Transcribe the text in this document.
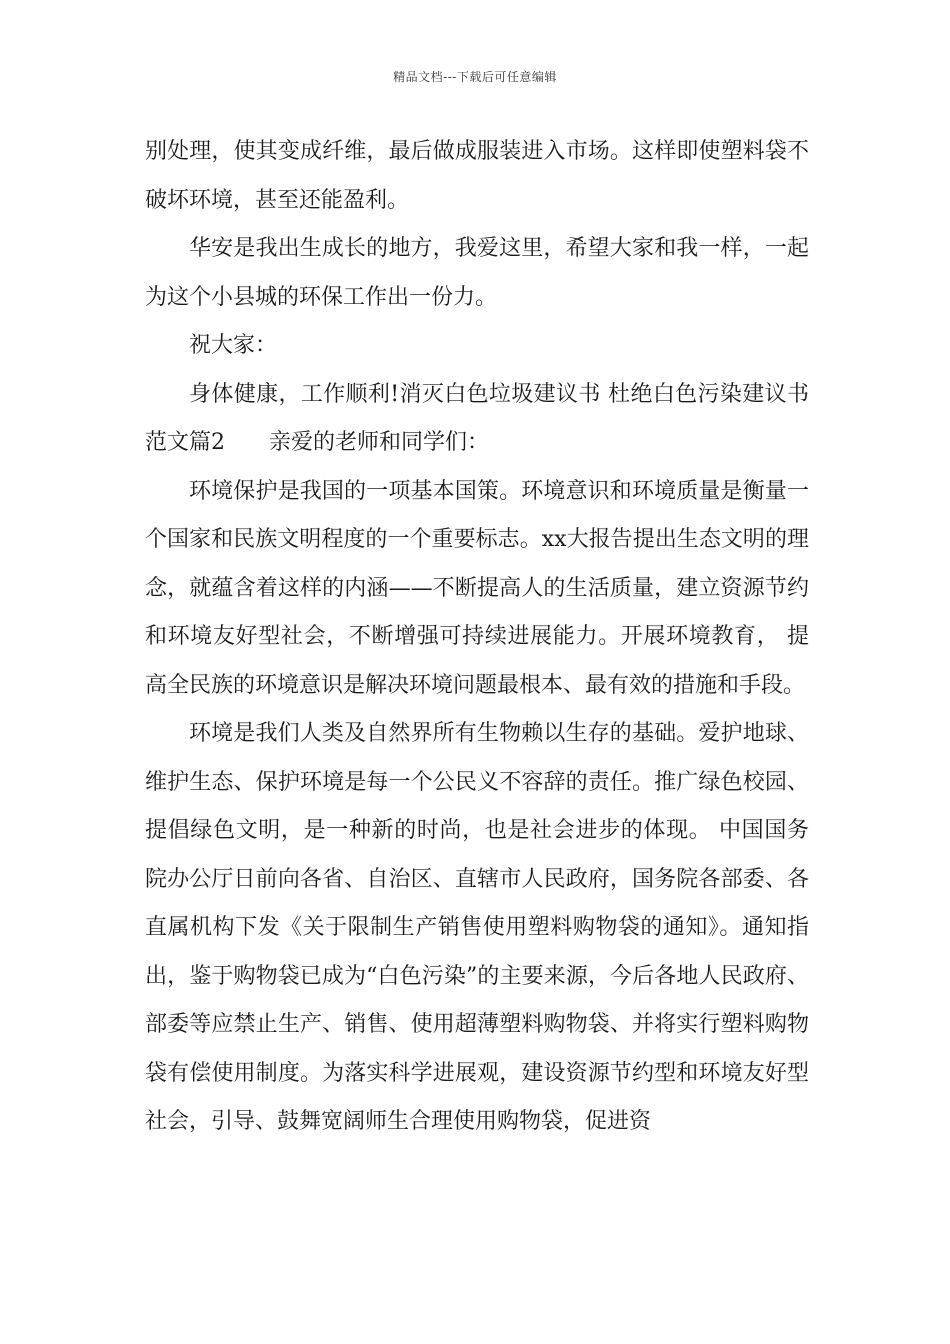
精品文档---下载后可任意编辑

别处理，使其变成纤维，最后做成服装进入市场。这样即使塑料袋不破坏环境，甚至还能盈利。

华安是我出生成长的地方，我爱这里，希望大家和我一样，一起为这个小县城的环保工作出一份力。

祝大家：

身体健康，工作顺利!消灭白色垃圾建议书 杜绝白色污染建议书范文篇2　　亲爱的老师和同学们：

环境保护是我国的一项基本国策。环境意识和环境质量是衡量一个国家和民族文明程度的一个重要标志。xx大报告提出生态文明的理念，就蕴含着这样的内涵——不断提高人的生活质量，建立资源节约和环境友好型社会，不断增强可持续进展能力。开展环境教育， 提高全民族的环境意识是解决环境问题最根本、最有效的措施和手段。

环境是我们人类及自然界所有生物赖以生存的基础。爱护地球、维护生态、保护环境是每一个公民义不容辞的责任。推广绿色校园、提倡绿色文明，是一种新的时尚，也是社会进步的体现。 中国国务院办公厅日前向各省、自治区、直辖市人民政府，国务院各部委、各直属机构下发《关于限制生产销售使用塑料购物袋的通知》。通知指出，鉴于购物袋已成为“白色污染”的主要来源，今后各地人民政府、部委等应禁止生产、销售、使用超薄塑料购物袋、并将实行塑料购物袋有偿使用制度。为落实科学进展观，建设资源节约型和环境友好型社会，引导、鼓舞宽阔师生合理使用购物袋，促进资
